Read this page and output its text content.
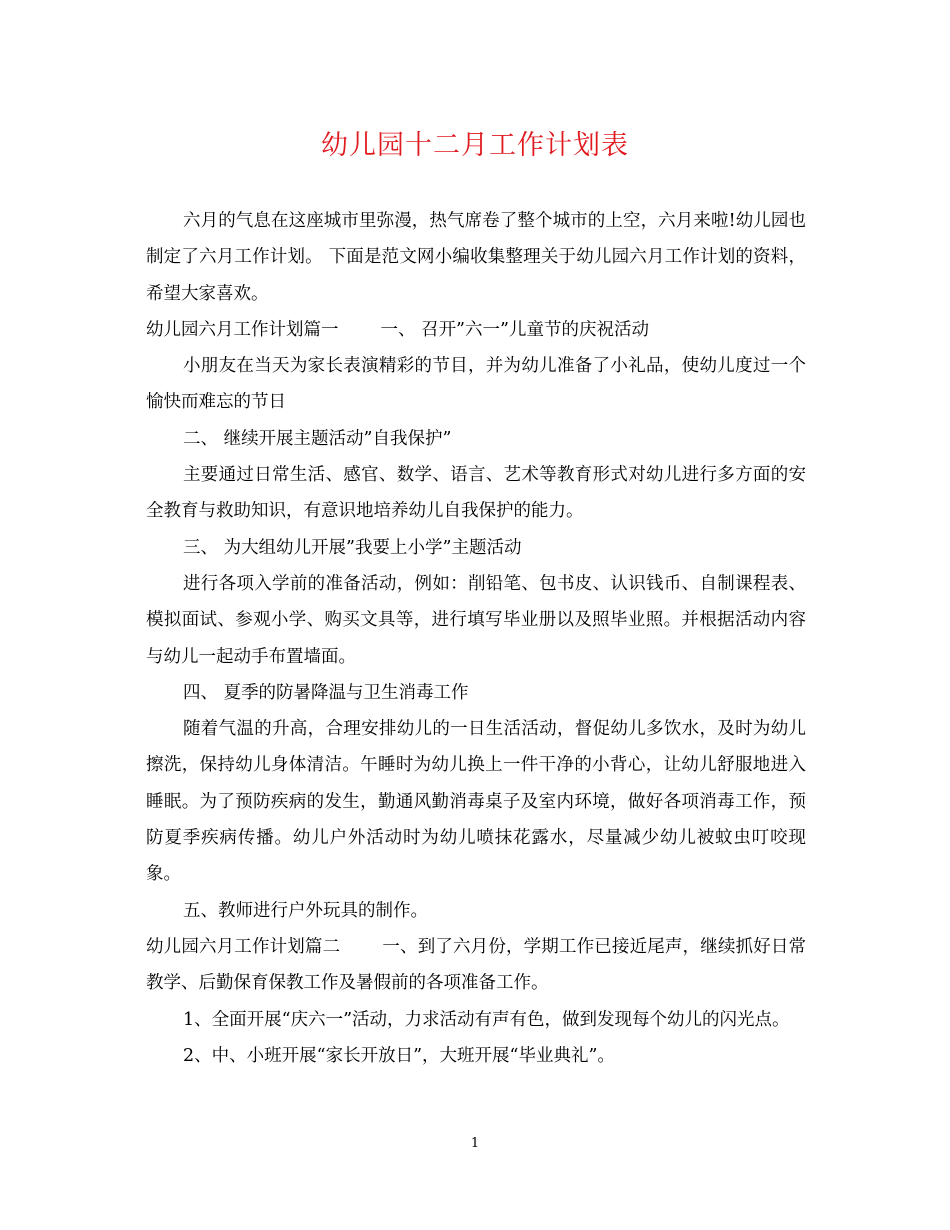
幼儿园十二月工作计划表

六月的气息在这座城市里弥漫，热气席卷了整个城市的上空，六月来啦!幼儿园也制定了六月工作计划。 下面是范文网小编收集整理关于幼儿园六月工作计划的资料，希望大家喜欢。

幼儿园六月工作计划篇一 一、 召开”六一”儿童节的庆祝活动

小朋友在当天为家长表演精彩的节目，并为幼儿准备了小礼品，使幼儿度过一个愉快而难忘的节日

二、 继续开展主题活动”自我保护”

主要通过日常生活、感官、数学、语言、艺术等教育形式对幼儿进行多方面的安全教育与救助知识，有意识地培养幼儿自我保护的能力。

三、 为大组幼儿开展”我要上小学”主题活动

进行各项入学前的准备活动，例如：削铅笔、包书皮、认识钱币、自制课程表、模拟面试、参观小学、购买文具等，进行填写毕业册以及照毕业照。并根据活动内容与幼儿一起动手布置墙面。

四、 夏季的防暑降温与卫生消毒工作

随着气温的升高，合理安排幼儿的一日生活活动，督促幼儿多饮水，及时为幼儿擦洗，保持幼儿身体清洁。午睡时为幼儿换上一件干净的小背心，让幼儿舒服地进入睡眠。为了预防疾病的发生，勤通风勤消毒桌子及室内环境，做好各项消毒工作，预防夏季疾病传播。幼儿户外活动时为幼儿喷抹花露水，尽量减少幼儿被蚊虫叮咬现象。

五、教师进行户外玩具的制作。

幼儿园六月工作计划篇二 一、到了六月份，学期工作已接近尾声，继续抓好日常教学、后勤保育保教工作及暑假前的各项准备工作。

1、全面开展“庆六一”活动，力求活动有声有色，做到发现每个幼儿的闪光点。

2、中、小班开展“家长开放日”，大班开展“毕业典礼”。

1
